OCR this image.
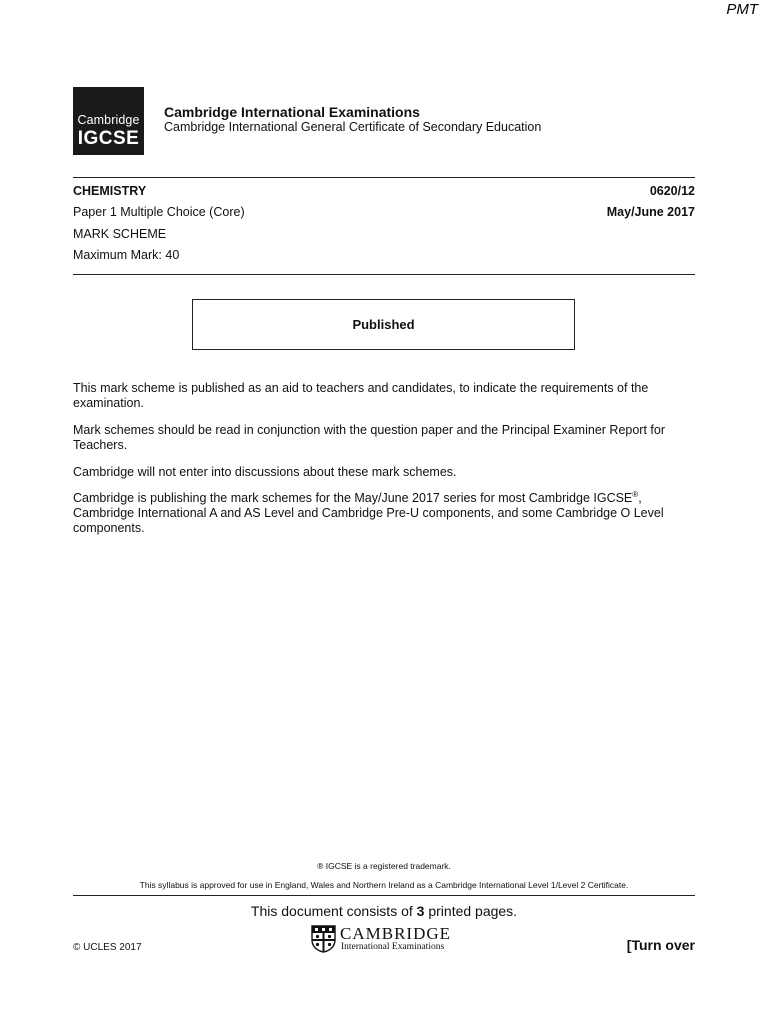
PMT
Cambridge
IGCSE
Cambridge International Examinations
Cambridge International General Certificate of Secondary Education
CHEMISTRY	0620/12
Paper 1 Multiple Choice (Core)	May/June 2017
MARK SCHEME
Maximum Mark: 40
Published
This mark scheme is published as an aid to teachers and candidates, to indicate the requirements of the examination.
Mark schemes should be read in conjunction with the question paper and the Principal Examiner Report for Teachers.
Cambridge will not enter into discussions about these mark schemes.
Cambridge is publishing the mark schemes for the May/June 2017 series for most Cambridge IGCSE®, Cambridge International A and AS Level and Cambridge Pre-U components, and some Cambridge O Level components.
® IGCSE is a registered trademark.
This syllabus is approved for use in England, Wales and Northern Ireland as a Cambridge International Level 1/Level 2 Certificate.
This document consists of 3 printed pages.
© UCLES 2017
CAMBRIDGE
International Examinations	[Turn over
